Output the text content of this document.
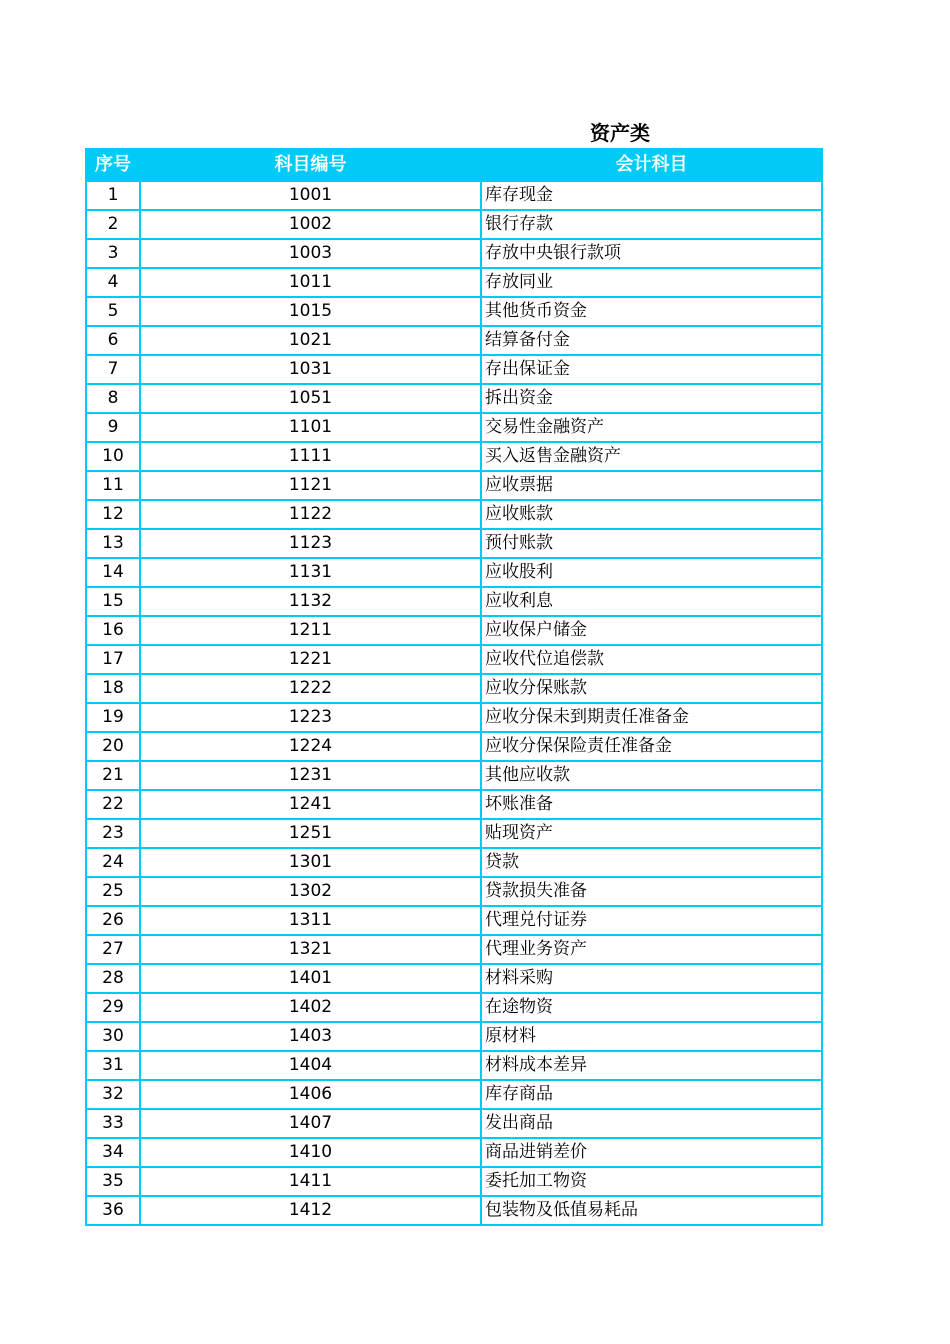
资产类
序号	科目编号	会计科目
1	1001	库存现金
2	1002	银行存款
3	1003	存放中央银行款项
4	1011	存放同业
5	1015	其他货币资金
6	1021	结算备付金
7	1031	存出保证金
8	1051	拆出资金
9	1101	交易性金融资产
10	1111	买入返售金融资产
11	1121	应收票据
12	1122	应收账款
13	1123	预付账款
14	1131	应收股利
15	1132	应收利息
16	1211	应收保户储金
17	1221	应收代位追偿款
18	1222	应收分保账款
19	1223	应收分保未到期责任准备金
20	1224	应收分保保险责任准备金
21	1231	其他应收款
22	1241	坏账准备
23	1251	贴现资产
24	1301	贷款
25	1302	贷款损失准备
26	1311	代理兑付证券
27	1321	代理业务资产
28	1401	材料采购
29	1402	在途物资
30	1403	原材料
31	1404	材料成本差异
32	1406	库存商品
33	1407	发出商品
34	1410	商品进销差价
35	1411	委托加工物资
36	1412	包装物及低值易耗品
